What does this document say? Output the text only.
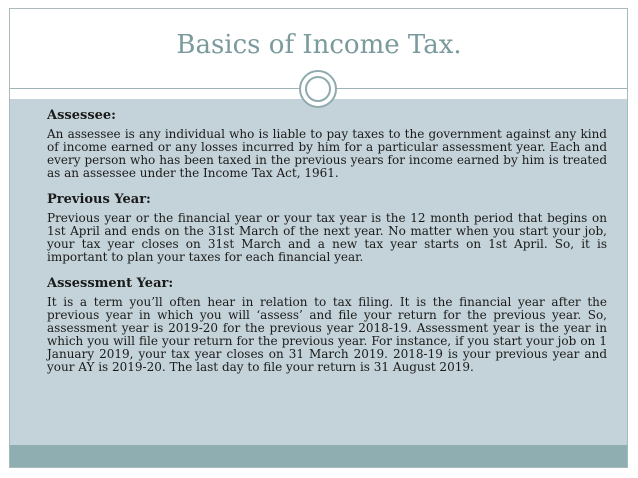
Basics of Income Tax.
Assessee:

An assessee is any individual who is liable to pay taxes to the government against any kind of income earned or any losses incurred by him for a particular assessment year. Each and every person who has been taxed in the previous years for income earned by him is treated as an assessee under the Income Tax Act, 1961.

Previous Year:

Previous year or the financial year or your tax year is the 12 month period that begins on 1st April and ends on the 31st March of the next year. No matter when you start your job, your tax year closes on 31st March and a new tax year starts on 1st April. So, it is important to plan your taxes for each financial year.

Assessment Year:

It is a term you’ll often hear in relation to tax filing. It is the financial year after the previous year in which you will ‘assess’ and file your return for the previous year. So, assessment year is 2019-20 for the previous year 2018-19. Assessment year is the year in which you will file your return for the previous year. For instance, if you start your job on 1 January 2019, your tax year closes on 31 March 2019. 2018-19 is your previous year and your AY is 2019-20. The last day to file your return is 31 August 2019.
